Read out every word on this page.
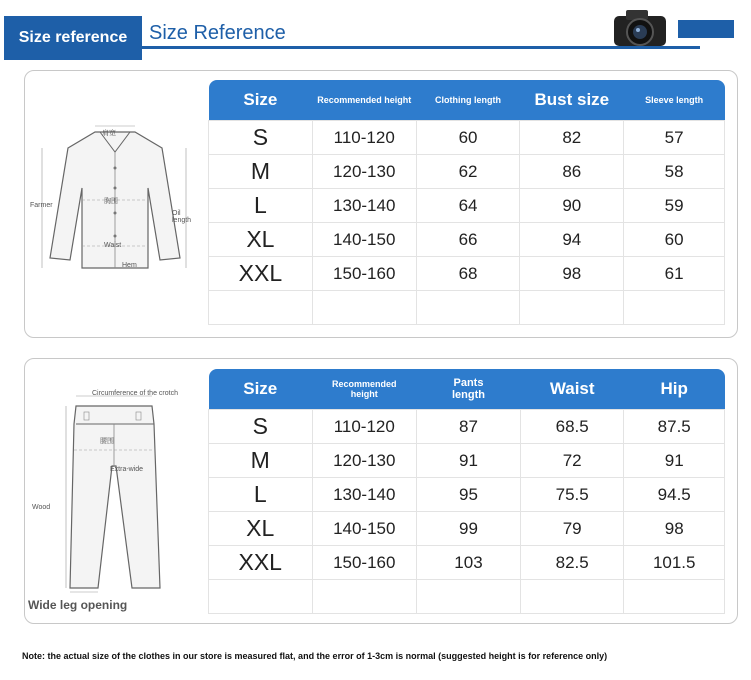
Size reference	Size Reference
肩宽
胸围
Farmer
Oil length
Waist
Hem
Size	Recommended height	Clothing length	Bust size	Sleeve length
S	110-120	60	82	57
M	120-130	62	86	58
L	130-140	64	90	59
XL	140-150	66	94	60
XXL	150-160	68	98	61

Circumference of the crotch
腰围
Extra-wide
Wood
Wide leg opening
Size	Recommended height	Pants length	Waist	Hip
S	110-120	87	68.5	87.5
M	120-130	91	72	91
L	130-140	95	75.5	94.5
XL	140-150	99	79	98
XXL	150-160	103	82.5	101.5

Note: the actual size of the clothes in our store is measured flat, and the error of 1-3cm is normal (suggested height is for reference only)
